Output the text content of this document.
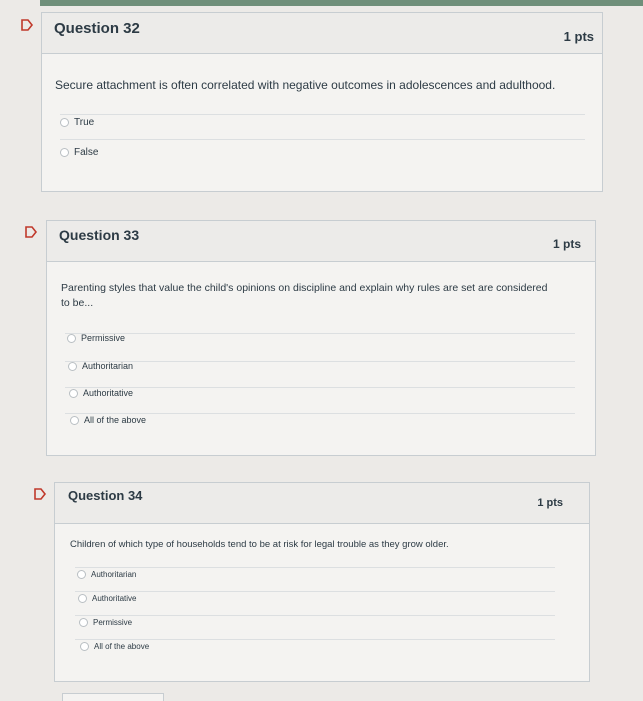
Question 32	1 pts
Secure attachment is often correlated with negative outcomes in adolescences and adulthood.
True
False
Question 33
1 pts
Parenting styles that value the child's opinions on discipline and explain why rules are set are considered to be...
Permissive
Authoritarian
Authoritative
All of the above
Question 34	1 pts
Children of which type of households tend to be at risk for legal trouble as they grow older.
Authoritarian
Authoritative
Permissive
All of the above
